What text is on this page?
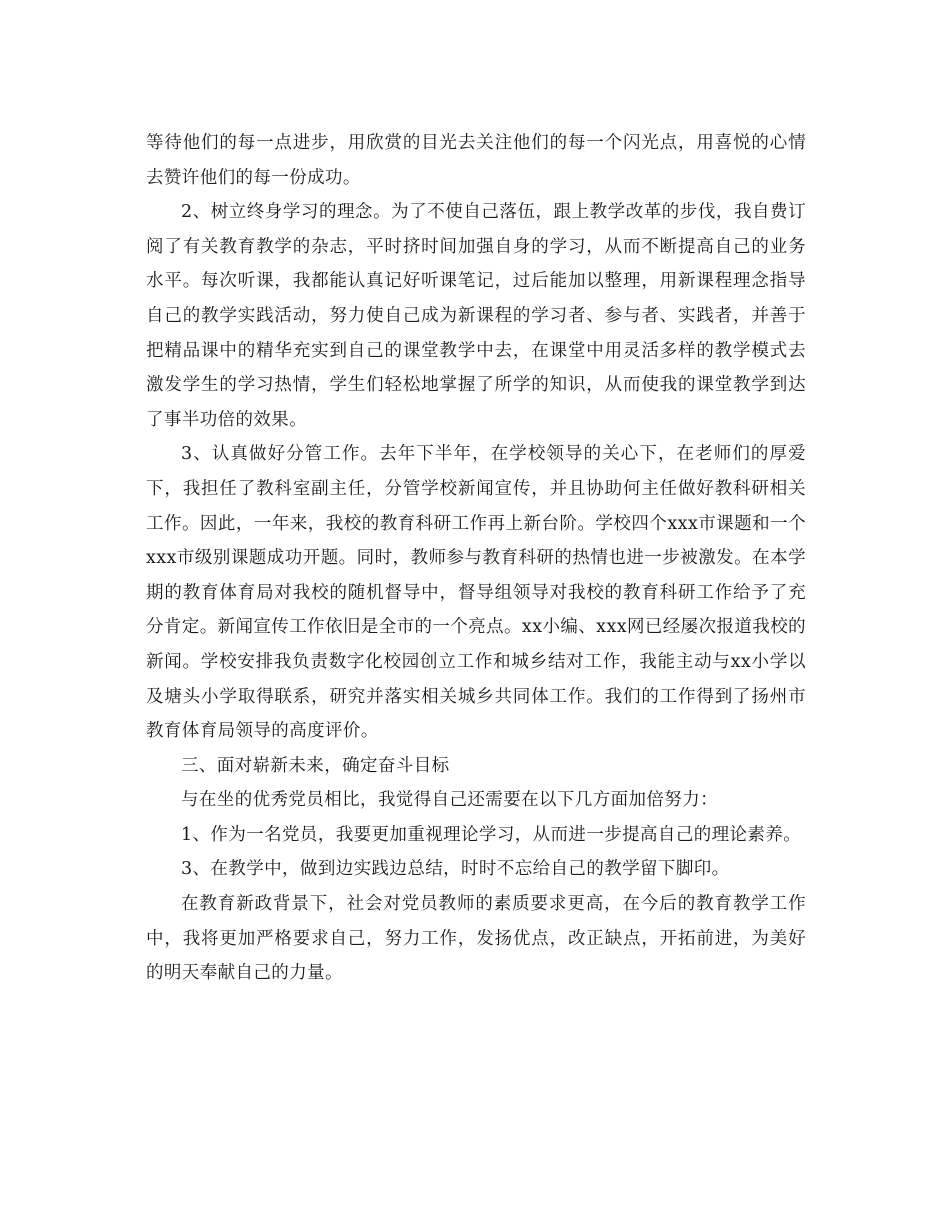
等待他们的每一点进步，用欣赏的目光去关注他们的每一个闪光点，用喜悦的心情去赞许他们的每一份成功。

2、树立终身学习的理念。为了不使自己落伍，跟上教学改革的步伐，我自费订阅了有关教育教学的杂志，平时挤时间加强自身的学习，从而不断提高自己的业务水平。每次听课，我都能认真记好听课笔记，过后能加以整理，用新课程理念指导自己的教学实践活动，努力使自己成为新课程的学习者、参与者、实践者，并善于把精品课中的精华充实到自己的课堂教学中去，在课堂中用灵活多样的教学模式去激发学生的学习热情，学生们轻松地掌握了所学的知识，从而使我的课堂教学到达了事半功倍的效果。

3、认真做好分管工作。去年下半年，在学校领导的关心下，在老师们的厚爱下，我担任了教科室副主任，分管学校新闻宣传，并且协助何主任做好教科研相关工作。因此，一年来，我校的教育科研工作再上新台阶。学校四个xxx市课题和一个xxx市级别课题成功开题。同时，教师参与教育科研的热情也进一步被激发。在本学期的教育体育局对我校的随机督导中，督导组领导对我校的教育科研工作给予了充分肯定。新闻宣传工作依旧是全市的一个亮点。xx小编、xxx网已经屡次报道我校的新闻。学校安排我负责数字化校园创立工作和城乡结对工作，我能主动与xx小学以及塘头小学取得联系，研究并落实相关城乡共同体工作。我们的工作得到了扬州市教育体育局领导的高度评价。

三、面对崭新未来，确定奋斗目标

与在坐的优秀党员相比，我觉得自己还需要在以下几方面加倍努力：

1、作为一名党员，我要更加重视理论学习，从而进一步提高自己的理论素养。

3、在教学中，做到边实践边总结，时时不忘给自己的教学留下脚印。

在教育新政背景下，社会对党员教师的素质要求更高，在今后的教育教学工作中，我将更加严格要求自己，努力工作，发扬优点，改正缺点，开拓前进，为美好的明天奉献自己的力量。
